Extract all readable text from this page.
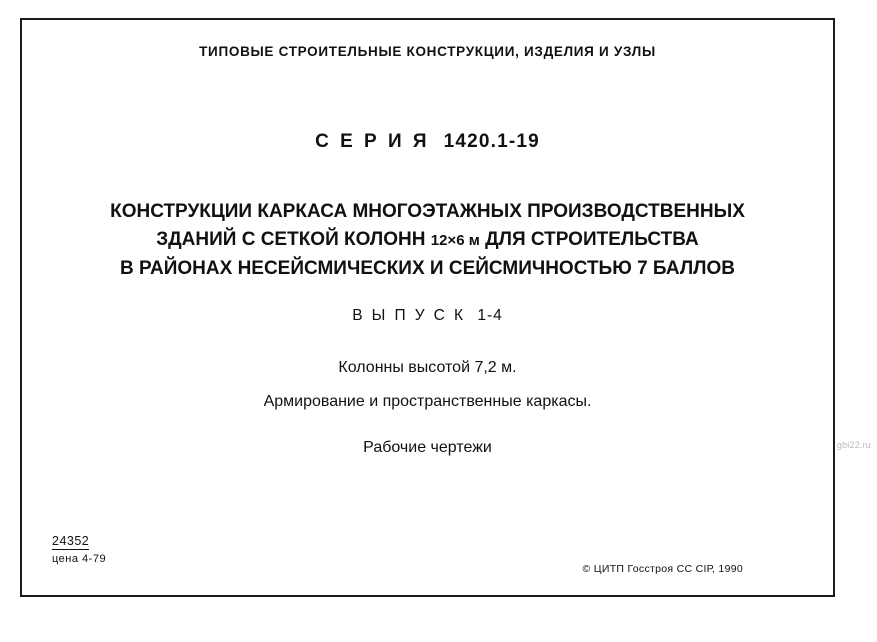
ТИПОВЫЕ СТРОИТЕЛЬНЫЕ КОНСТРУКЦИИ, ИЗДЕЛИЯ И УЗЛЫ
С Е Р И Я 1420.1-19
КОНСТРУКЦИИ КАРКАСА МНОГОЭТАЖНЫХ ПРОИЗВОДСТВЕННЫХ
ЗДАНИЙ С СЕТКОЙ КОЛОНН 12×6 м ДЛЯ СТРОИТЕЛЬСТВА
В РАЙОНАХ НЕСЕЙСМИЧЕСКИХ И СЕЙСМИЧНОСТЬЮ 7 БАЛЛОВ
В Ы П У С К 1-4
Колонны высотой 7,2 м.
Армирование и пространственные каркасы.
Рабочие чертежи
24352
цена 4-79
© ЦИТП Госстроя СС СIР, 1990
gbi22.ru
